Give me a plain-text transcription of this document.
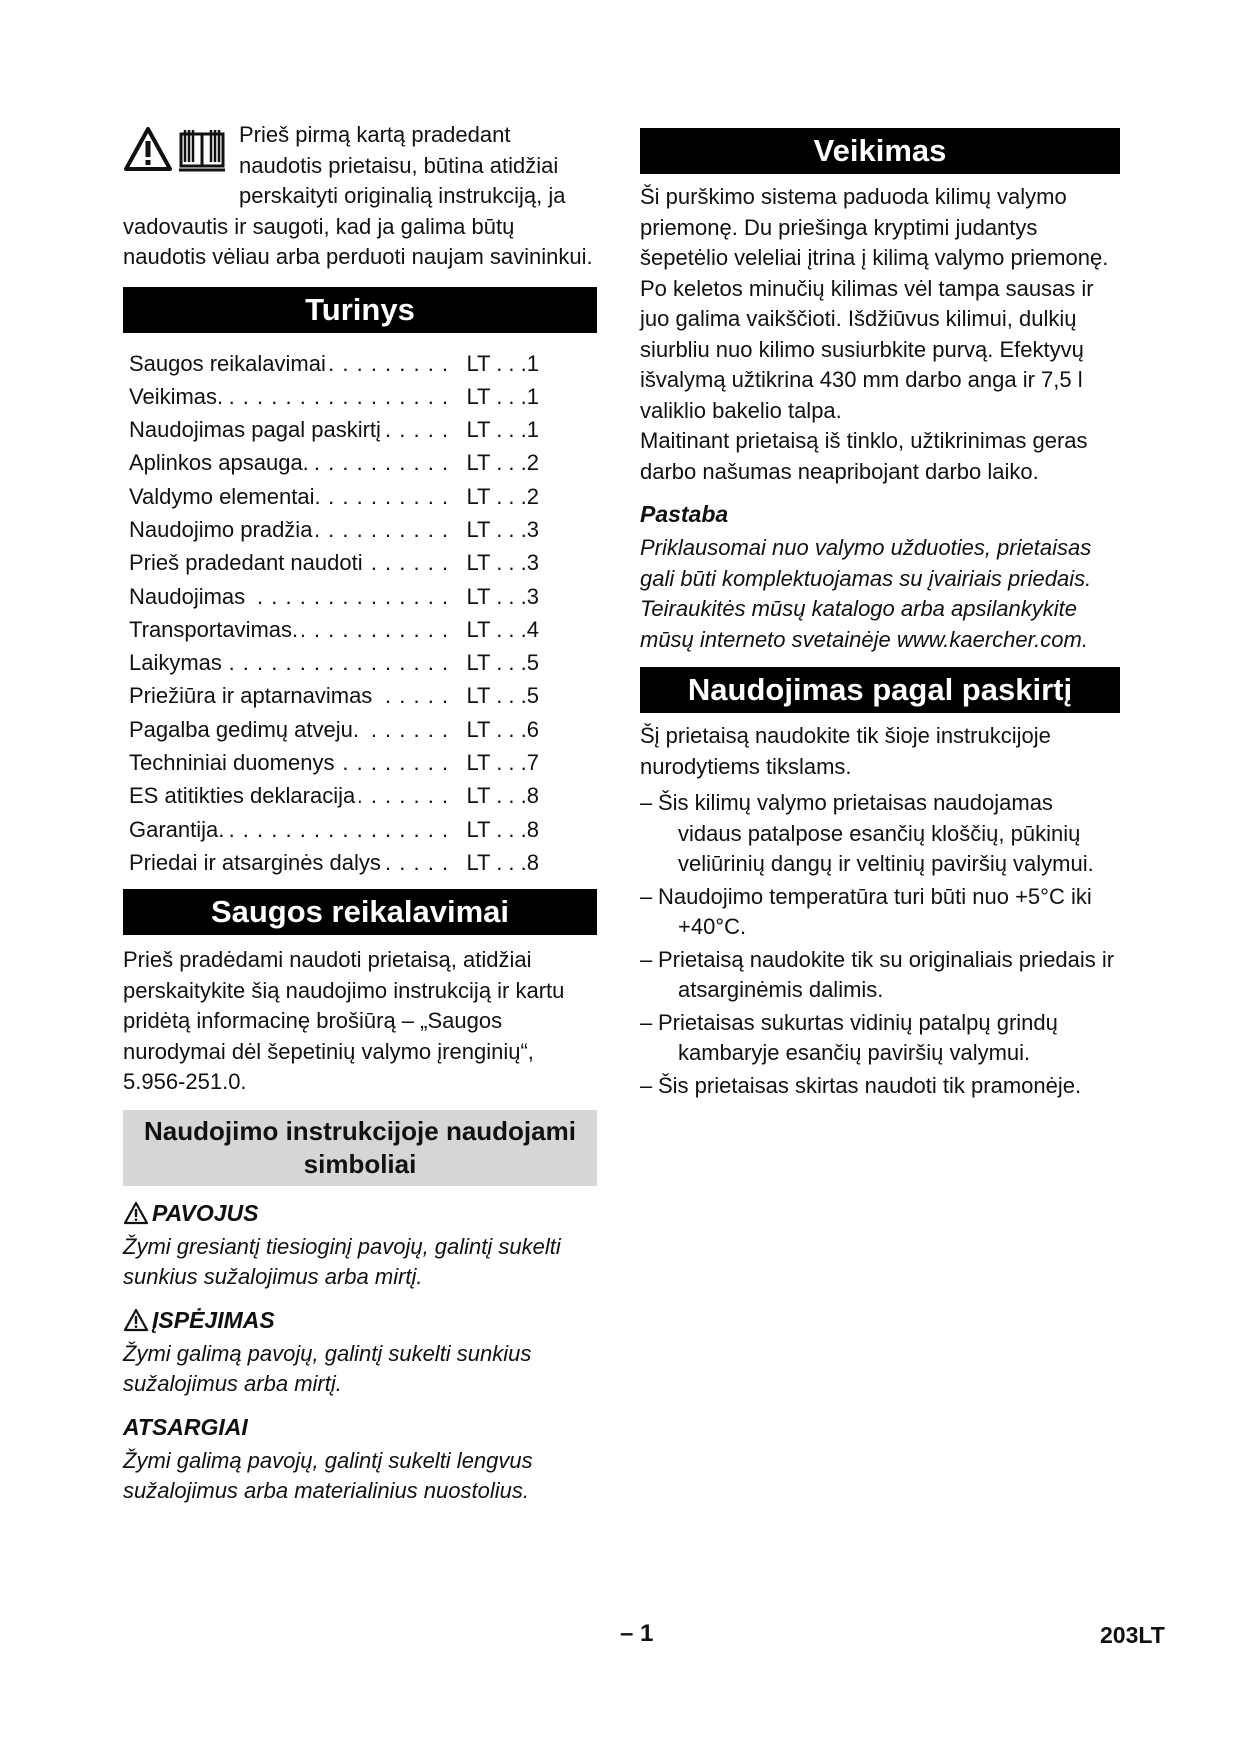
Prieš pirmą kartą pradedant naudotis prietaisu, būtina atidžiai perskaityti originalią instrukciją, ja vadovautis ir saugoti, kad ja galima būtų naudotis vėliau arba perduoti naujam savininkui.

Turinys
Saugos reikalavimai . . .	LT . . .1
Veikimas. . . .	LT . . .1
Naudojimas pagal paskirtį . . .	LT . . .1
Aplinkos apsauga. . . .	LT . . .2
Valdymo elementai. . . .	LT . . .2
Naudojimo pradžia . . .	LT . . .3
Prieš pradedant naudoti . . .	LT . . .3
Naudojimas . . .	LT . . .3
Transportavimas. . . .	LT . . .4
Laikymas . . .	LT . . .5
Priežiūra ir aptarnavimas . . .	LT . . .5
Pagalba gedimų atveju. . . .	LT . . .6
Techniniai duomenys . . .	LT . . .7
ES atitikties deklaracija . . .	LT . . .8
Garantija. . . .	LT . . .8
Priedai ir atsarginės dalys . . .	LT . . .8
Saugos reikalavimai

Prieš pradėdami naudoti prietaisą, atidžiai perskaitykite šią naudojimo instrukciją ir kartu pridėtą informacinę brošiūrą – „Saugos nurodymai dėl šepetinių valymo įrenginių“, 5.956-251.0.

Naudojimo instrukcijoje naudojami simboliai
PAVOJUS

Žymi gresiantį tiesioginį pavojų, galintį sukelti sunkius sužalojimus arba mirtį.

ĮSPĖJIMAS

Žymi galimą pavojų, galintį sukelti sunkius sužalojimus arba mirtį.

ATSARGIAI

Žymi galimą pavojų, galintį sukelti lengvus sužalojimus arba materialinius nuostolius.

Veikimas

Ši purškimo sistema paduoda kilimų valymo priemonę. Du priešinga kryptimi judantys šepetėlio veleliai įtrina į kilimą valymo priemonę. Po keletos minučių kilimas vėl tampa sausas ir juo galima vaikščioti. Išdžiūvus kilimui, dulkių siurbliu nuo kilimo susiurbkite purvą. Efektyvų išvalymą užtikrina 430 mm darbo anga ir 7,5 l valiklio bakelio talpa.

Maitinant prietaisą iš tinklo, užtikrinimas geras darbo našumas neapribojant darbo laiko.

Pastaba

Priklausomai nuo valymo užduoties, prietaisas gali būti komplektuojamas su įvairiais priedais. Teiraukitės mūsų katalogo arba apsilankykite mūsų interneto svetainėje www.kaercher.com.

Naudojimas pagal paskirtį

Šį prietaisą naudokite tik šioje instrukcijoje nurodytiems tikslams.

– Šis kilimų valymo prietaisas naudojamas vidaus patalpose esančių kloščių, pūkinių veliūrinių dangų ir veltinių paviršių valymui.
– Naudojimo temperatūra turi būti nuo +5°C iki +40°C.
– Prietaisą naudokite tik su originaliais priedais ir atsarginėmis dalimis.
– Prietaisas sukurtas vidinių patalpų grindų kambaryje esančių paviršių valymui.
– Šis prietaisas skirtas naudoti tik pramonėje.
– 1	203LT
